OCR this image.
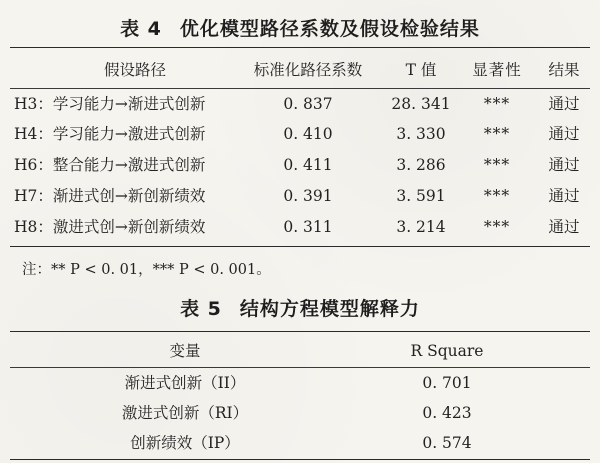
表 4 优化模型路径系数及假设检验结果
假设路径	标准化路径系数	T 值	显著性	结果
H3：学习能力→渐进式创新	0. 837	28. 341	***	通过
H4：学习能力→激进式创新	0. 410	3. 330	***	通过
H6：整合能力→激进式创新	0. 411	3. 286	***	通过
H7：渐进式创→新创新绩效	0. 391	3. 591	***	通过
H8：激进式创→新创新绩效	0. 311	3. 214	***	通过
注：** P < 0. 01，*** P < 0. 001。
表 5 结构方程模型解释力
变量	R Square
渐进式创新（II）	0. 701
激进式创新（RI）	0. 423
创新绩效（IP）	0. 574
